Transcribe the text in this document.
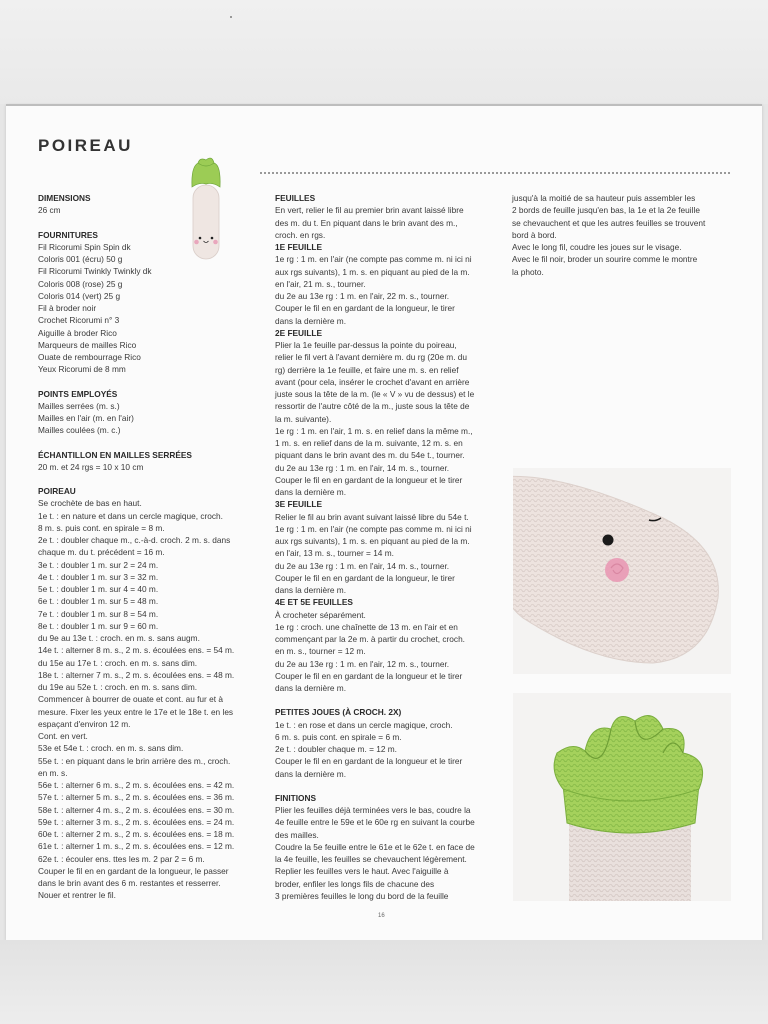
POIREAU
DIMENSIONS

26 cm

FOURNITURES

Fil Ricorumi Spin Spin dk

Coloris 001 (écru) 50 g

Fil Ricorumi Twinkly Twinkly dk

Coloris 008 (rose) 25 g

Coloris 014 (vert) 25 g

Fil à broder noir

Crochet Ricorumi n° 3

Aiguille à broder Rico

Marqueurs de mailles Rico

Ouate de rembourrage Rico

Yeux Ricorumi de 8 mm

POINTS EMPLOYÉS

Mailles serrées (m. s.)

Mailles en l'air (m. en l'air)

Mailles coulées (m. c.)

ÉCHANTILLON EN MAILLES SERRÉES

20 m. et 24 rgs = 10 x 10 cm

POIREAU

Se crochète de bas en haut.

1e t. : en nature et dans un cercle magique, croch.

8 m. s. puis cont. en spirale = 8 m.

2e t. : doubler chaque m., c.-à-d. croch. 2 m. s. dans

chaque m. du t. précédent = 16 m.

3e t. : doubler 1 m. sur 2 = 24 m.

4e t. : doubler 1 m. sur 3 = 32 m.

5e t. : doubler 1 m. sur 4 = 40 m.

6e t. : doubler 1 m. sur 5 = 48 m.

7e t. : doubler 1 m. sur 8 = 54 m.

8e t. : doubler 1 m. sur 9 = 60 m.

du 9e au 13e t. : croch. en m. s. sans augm.

14e t. : alterner 8 m. s., 2 m. s. écoulées ens. = 54 m.

du 15e au 17e t. : croch. en m. s. sans dim.

18e t. : alterner 7 m. s., 2 m. s. écoulées ens. = 48 m.

du 19e au 52e t. : croch. en m. s. sans dim.

Commencer à bourrer de ouate et cont. au fur et à

mesure. Fixer les yeux entre le 17e et le 18e t. en les

espaçant d'environ 12 m.

Cont. en vert.

53e et 54e t. : croch. en m. s. sans dim.

55e t. : en piquant dans le brin arrière des m., croch.

en m. s.

56e t. : alterner 6 m. s., 2 m. s. écoulées ens. = 42 m.

57e t. : alterner 5 m. s., 2 m. s. écoulées ens. = 36 m.

58e t. : alterner 4 m. s., 2 m. s. écoulées ens. = 30 m.

59e t. : alterner 3 m. s., 2 m. s. écoulées ens. = 24 m.

60e t. : alterner 2 m. s., 2 m. s. écoulées ens. = 18 m.

61e t. : alterner 1 m. s., 2 m. s. écoulées ens. = 12 m.

62e t. : écouler ens. ttes les m. 2 par 2 = 6 m.

Couper le fil en en gardant de la longueur, le passer

dans le brin avant des 6 m. restantes et resserrer.

Nouer et rentrer le fil.

FEUILLES

En vert, relier le fil au premier brin avant laissé libre

des m. du t. En piquant dans le brin avant des m.,

croch. en rgs.

1E FEUILLE

1e rg : 1 m. en l'air (ne compte pas comme m. ni ici ni

aux rgs suivants), 1 m. s. en piquant au pied de la m.

en l'air, 21 m. s., tourner.

du 2e au 13e rg : 1 m. en l'air, 22 m. s., tourner.

Couper le fil en en gardant de la longueur, le tirer

dans la dernière m.

2E FEUILLE

Plier la 1e feuille par-dessus la pointe du poireau,

relier le fil vert à l'avant dernière m. du rg (20e m. du

rg) derrière la 1e feuille, et faire une m. s. en relief

avant (pour cela, insérer le crochet d'avant en arrière

juste sous la tête de la m. (le « V » vu de dessus) et le

ressortir de l'autre côté de la m., juste sous la tête de

la m. suivante).

1e rg : 1 m. en l'air, 1 m. s. en relief dans la même m.,

1 m. s. en relief dans de la m. suivante, 12 m. s. en

piquant dans le brin avant des m. du 54e t., tourner.

du 2e au 13e rg : 1 m. en l'air, 14 m. s., tourner.

Couper le fil en en gardant de la longueur et le tirer

dans la dernière m.

3E FEUILLE

Relier le fil au brin avant suivant laissé libre du 54e t.

1e rg : 1 m. en l'air (ne compte pas comme m. ni ici ni

aux rgs suivants), 1 m. s. en piquant au pied de la m.

en l'air, 13 m. s., tourner = 14 m.

du 2e au 13e rg : 1 m. en l'air, 14 m. s., tourner.

Couper le fil en en gardant de la longueur, le tirer

dans la dernière m.

4E ET 5E FEUILLES

À crocheter séparément.

1e rg : croch. une chaînette de 13 m. en l'air et en

commençant par la 2e m. à partir du crochet, croch.

en m. s., tourner = 12 m.

du 2e au 13e rg : 1 m. en l'air, 12 m. s., tourner.

Couper le fil en en gardant de la longueur et le tirer

dans la dernière m.

PETITES JOUES (À CROCH. 2X)

1e t. : en rose et dans un cercle magique, croch.

6 m. s. puis cont. en spirale = 6 m.

2e t. : doubler chaque m. = 12 m.

Couper le fil en en gardant de la longueur et le tirer

dans la dernière m.

FINITIONS

Plier les feuilles déjà terminées vers le bas, coudre la

4e feuille entre le 59e et le 60e rg en suivant la courbe

des mailles.

Coudre la 5e feuille entre le 61e et le 62e t. en face de

la 4e feuille, les feuilles se chevauchent légèrement.

Replier les feuilles vers le haut. Avec l'aiguille à

broder, enfiler les longs fils de chacune des

3 premières feuilles le long du bord de la feuille

jusqu'à la moitié de sa hauteur puis assembler les

2 bords de feuille jusqu'en bas, la 1e et la 2e feuille

se chevauchent et que les autres feuilles se trouvent

bord à bord.

Avec le long fil, coudre les joues sur le visage.

Avec le fil noir, broder un sourire comme le montre

la photo.

16
